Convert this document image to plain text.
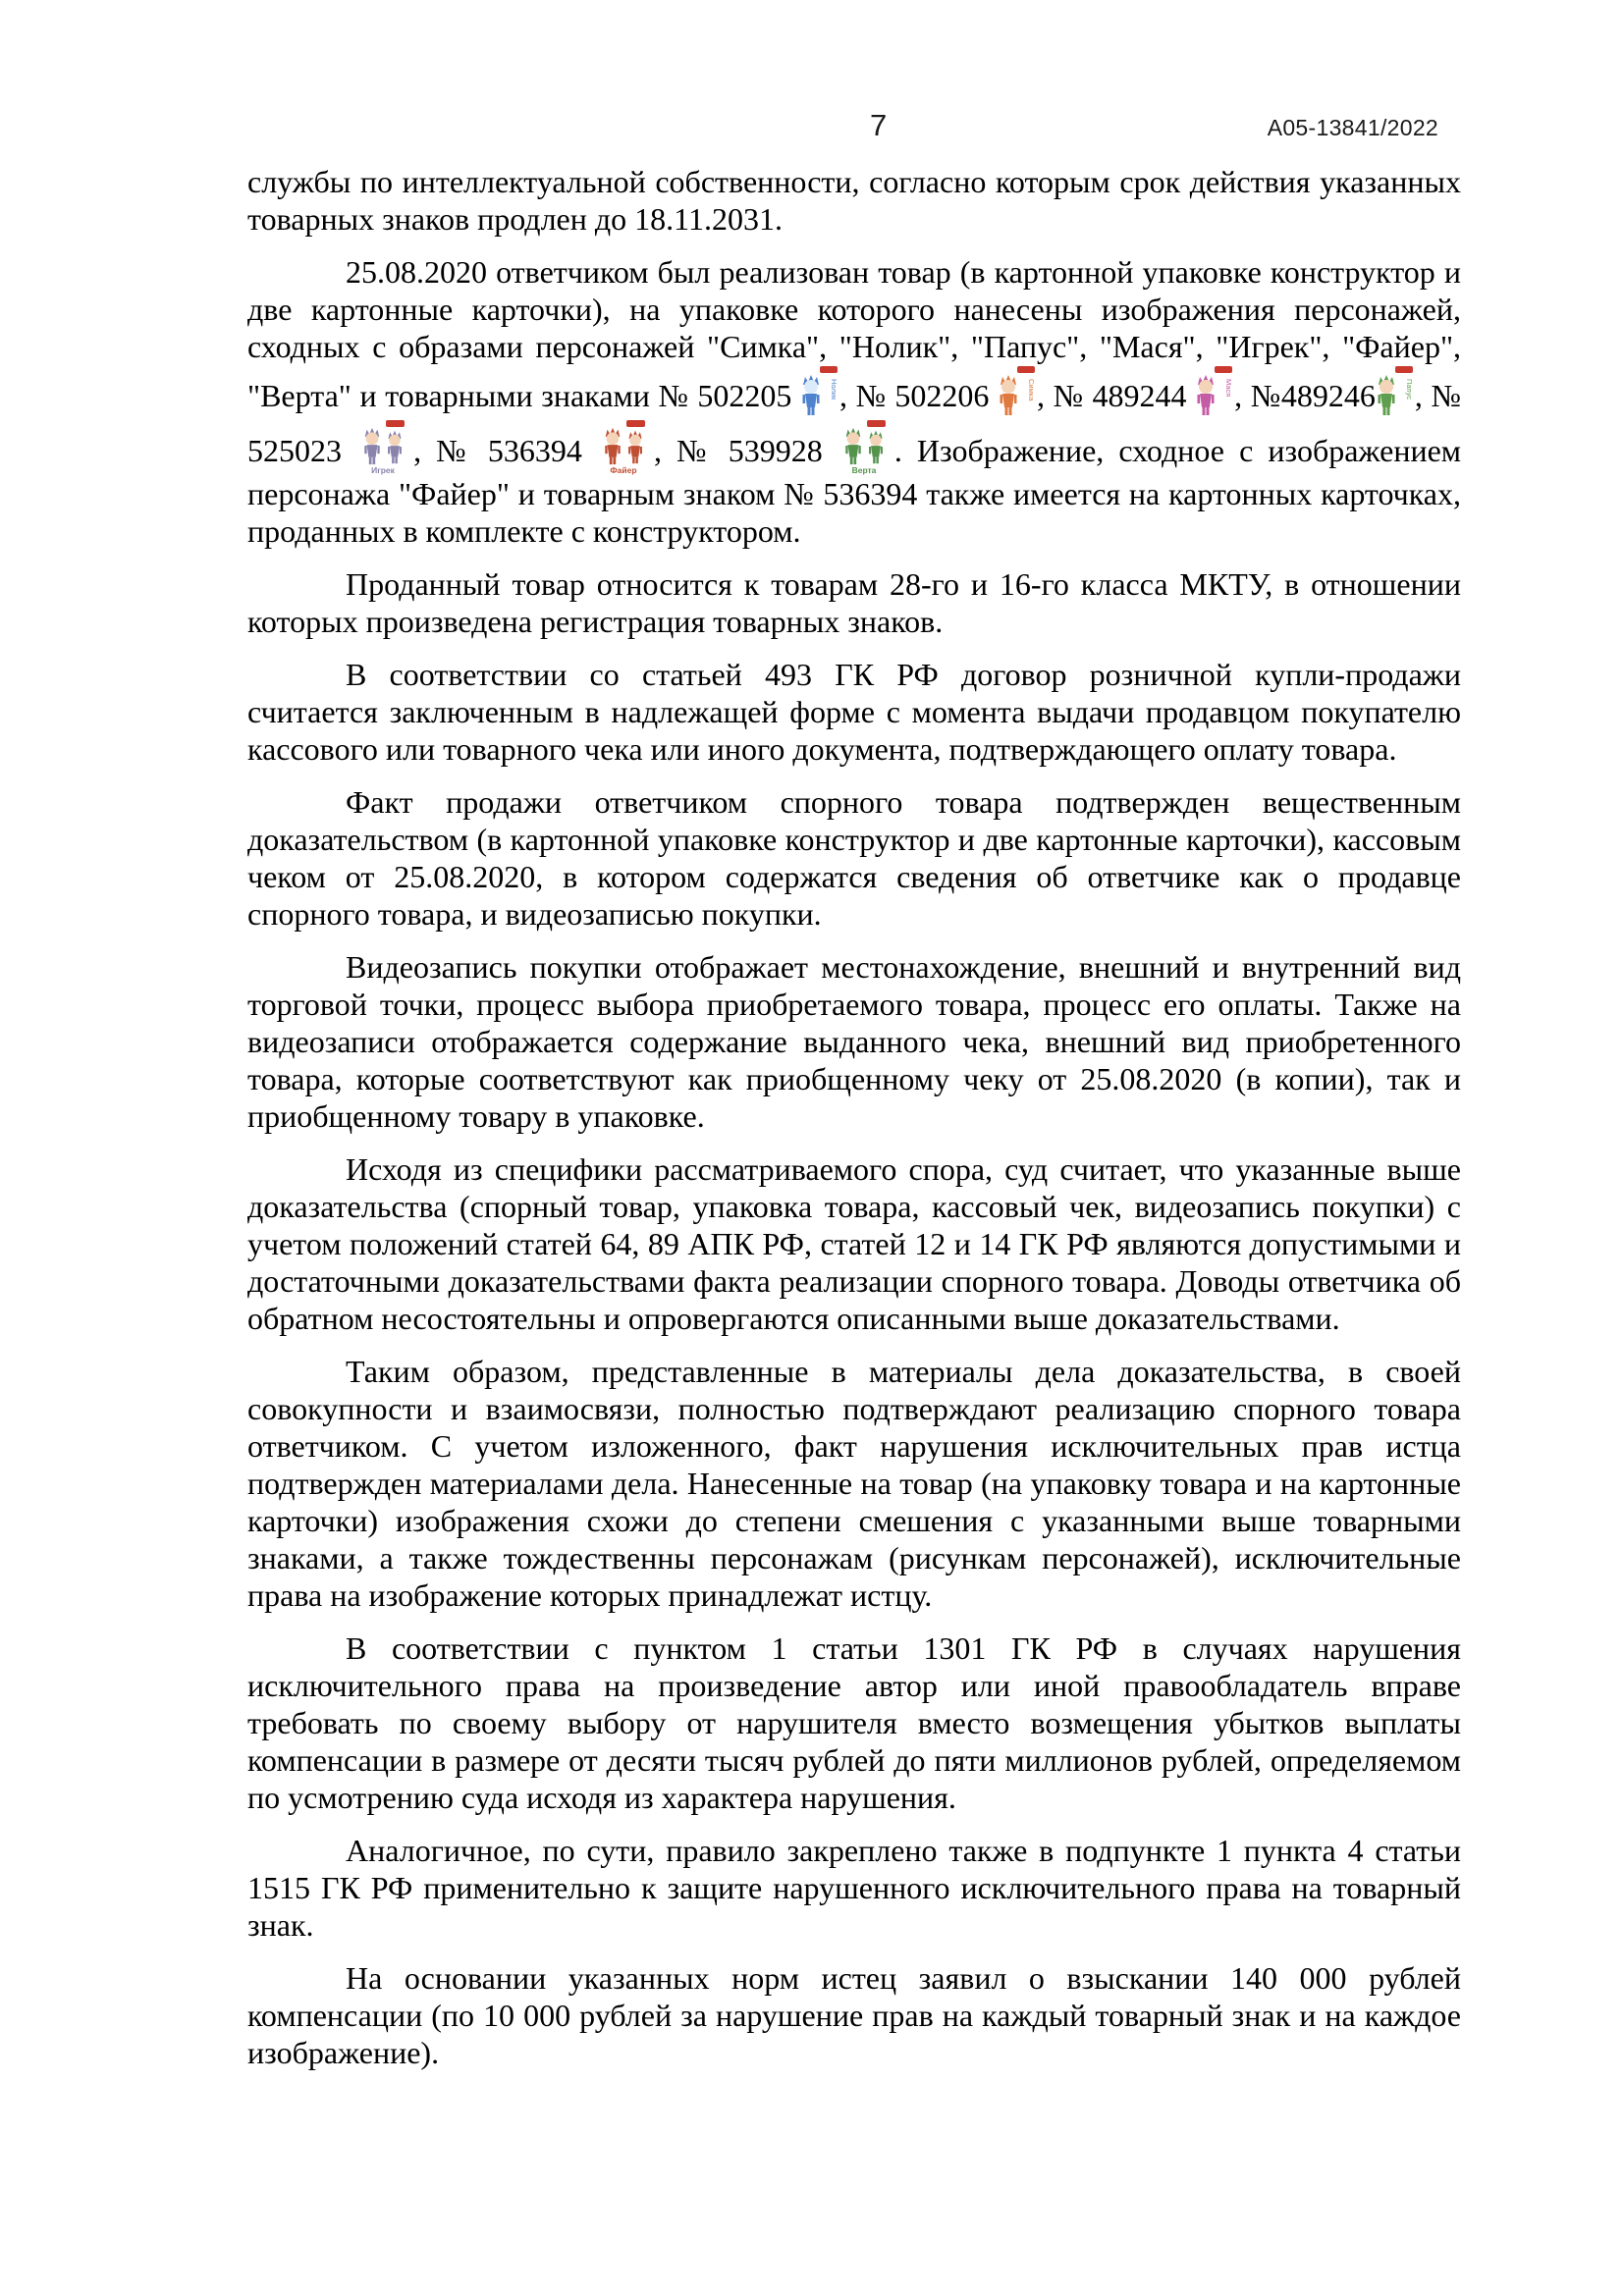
7	А05-13841/2022

службы по интеллектуальной собственности, согласно которым срок действия указанных товарных знаков продлен до 18.11.2031.

25.08.2020 ответчиком был реализован товар (в картонной упаковке конструктор и две картонные карточки), на упаковке которого нанесены изображения персонажей, сходных с образами персонажей "Симка", "Нолик", "Папус", "Мася", "Игрек", "Файер", "Верта" и товарными знаками № 502205	Нолик , № 502206	Симка , № 489244	Мася , №489246	Папус , № 525023
Игрек
, № 536394
Файер
, № 539928
Верта
. Изображение, сходное с изображением персонажа "Файер" и товарным знаком № 536394 также имеется на картонных карточках, проданных в комплекте с конструктором.

Проданный товар относится к товарам 28-го и 16-го класса МКТУ, в отношении которых произведена регистрация товарных знаков.

В соответствии со статьей 493 ГК РФ договор розничной купли-продажи считается заключенным в надлежащей форме с момента выдачи продавцом покупателю кассового или товарного чека или иного документа, подтверждающего оплату товара.

Факт продажи ответчиком спорного товара подтвержден вещественным доказательством (в картонной упаковке конструктор и две картонные карточки), кассовым чеком от 25.08.2020, в котором содержатся сведения об ответчике как о продавце спорного товара, и видеозаписью покупки.

Видеозапись покупки отображает местонахождение, внешний и внутренний вид торговой точки, процесс выбора приобретаемого товара, процесс его оплаты. Также на видеозаписи отображается содержание выданного чека, внешний вид приобретенного товара, которые соответствуют как приобщенному чеку от 25.08.2020 (в копии), так и приобщенному товару в упаковке.

Исходя из специфики рассматриваемого спора, суд считает, что указанные выше доказательства (спорный товар, упаковка товара, кассовый чек, видеозапись покупки) с учетом положений статей 64, 89 АПК РФ, статей 12 и 14 ГК РФ являются допустимыми и достаточными доказательствами факта реализации спорного товара. Доводы ответчика об обратном несостоятельны и опровергаются описанными выше доказательствами.

Таким образом, представленные в материалы дела доказательства, в своей совокупности и взаимосвязи, полностью подтверждают реализацию спорного товара ответчиком. С учетом изложенного, факт нарушения исключительных прав истца подтвержден материалами дела. Нанесенные на товар (на упаковку товара и на картонные карточки) изображения схожи до степени смешения с указанными выше товарными знаками, а также тождественны персонажам (рисункам персонажей), исключительные права на изображение которых принадлежат истцу.

В соответствии с пунктом 1 статьи 1301 ГК РФ в случаях нарушения исключительного права на произведение автор или иной правообладатель вправе требовать по своему выбору от нарушителя вместо возмещения убытков выплаты компенсации в размере от десяти тысяч рублей до пяти миллионов рублей, определяемом по усмотрению суда исходя из характера нарушения.

Аналогичное, по сути, правило закреплено также в подпункте 1 пункта 4 статьи 1515 ГК РФ применительно к защите нарушенного исключительного права на товарный знак.

На основании указанных норм истец заявил о взыскании 140 000 рублей компенсации (по 10 000 рублей за нарушение прав на каждый товарный знак и на каждое изображение).
